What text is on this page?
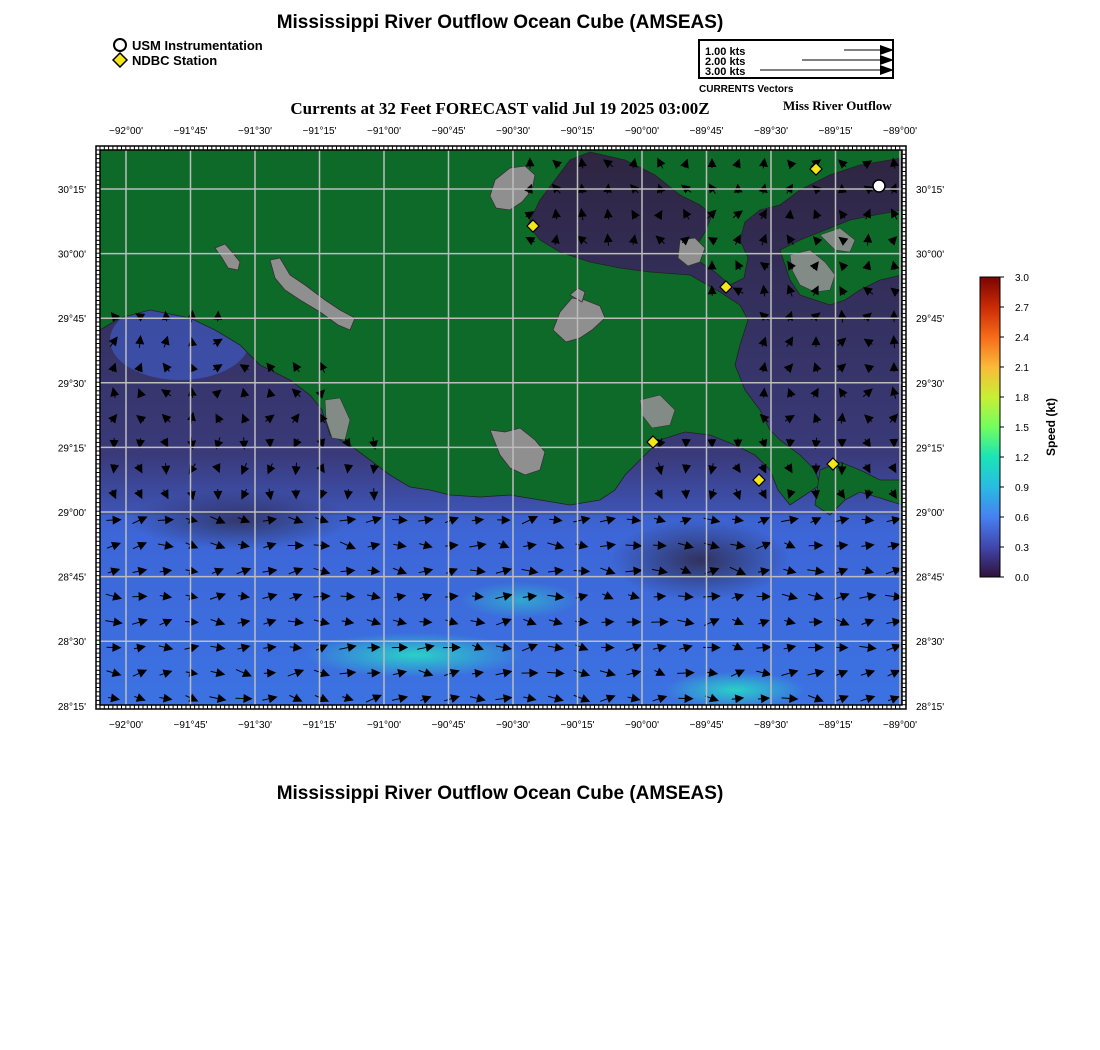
Mississippi River Outflow Ocean Cube (AMSEAS)
USM Instrumentation
NDBC Station
1.00 kts
2.00 kts
3.00 kts
CURRENTS Vectors
Currents at 32 Feet FORECAST valid Jul 19 2025 03:00Z	Miss River Outflow
−92°00'
−92°00'
−91°45'
−91°45'
−91°30'
−91°30'
−91°15'
−91°15'
−91°00'
−91°00'
−90°45'
−90°45'
−90°30'
−90°30'
−90°15'
−90°15'
−90°00'
−90°00'
−89°45'
−89°45'
−89°30'
−89°30'
−89°15'
−89°15'
−89°00'
−89°00'
30°15'	30°15'
30°00'	30°00'
29°45'	29°45'
29°30'	29°30'
29°15'	29°15'
29°00'	29°00'
28°45'	28°45'
28°30'	28°30'
28°15'	28°15'
3.0
2.7
2.4
2.1
1.8
1.5
1.2
0.9
0.6
0.3
0.0
Speed (kt)
Mississippi River Outflow Ocean Cube (AMSEAS)
